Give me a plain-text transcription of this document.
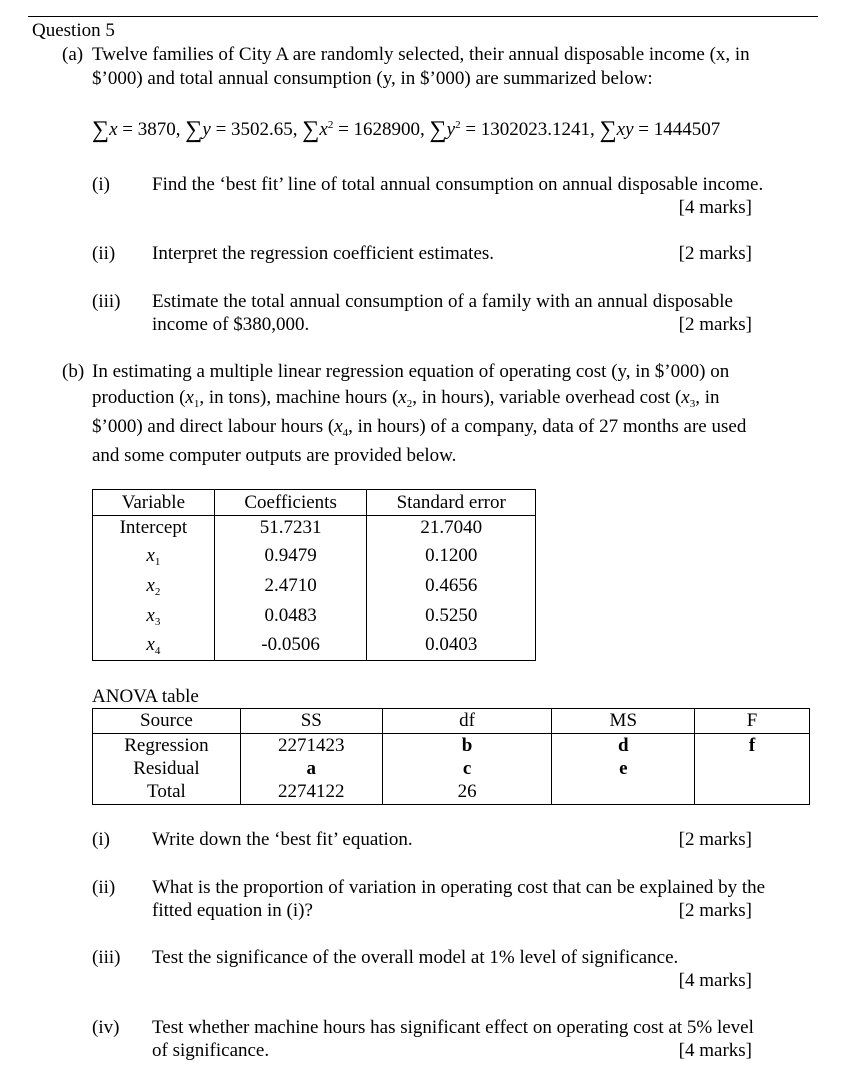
Question 5
(a) Twelve families of City A are randomly selected, their annual disposable income (x, in
$’000) and total annual consumption (y, in $’000) are summarized below:
∑x = 3870, ∑y = 3502.65, $\sum x^2 = 1628900$, $\sum y^2 = 1302023.1241$, ∑xy = 1444507
(i) Find the ‘best fit’ line of total annual consumption on annual disposable income.
[4 marks]
(ii) Interpret the regression coefficient estimates.	[2 marks]
(iii) Estimate the total annual consumption of a family with an annual disposable
income of $380,000.	[2 marks]
(b) In estimating a multiple linear regression equation of operating cost (y, in $’000) on
production ($x_1$, in tons), machine hours ($x_2$, in hours), variable overhead cost ($x_3$, in
$’000) and direct labour hours ($x_4$, in hours) of a company, data of 27 months are used
and some computer outputs are provided below.
Variable	Coefficients	Standard error
Intercept	51.7231	21.7040
$x_1$	0.9479	0.1200
$x_2$	2.4710	0.4656
$x_3$	0.0483	0.5250
$x_4$	-0.0506	0.0403
ANOVA table
Source	SS	df	MS	F
Regression	2271423	b	d	f
Residual	a	c	e	
Total	2274122	26		
(i) Write down the ‘best fit’ equation.	[2 marks]
(ii) What is the proportion of variation in operating cost that can be explained by the
fitted equation in (i)?	[2 marks]
(iii) Test the significance of the overall model at 1% level of significance.
[4 marks]
(iv) Test whether machine hours has significant effect on operating cost at 5% level
of significance.	[4 marks]
